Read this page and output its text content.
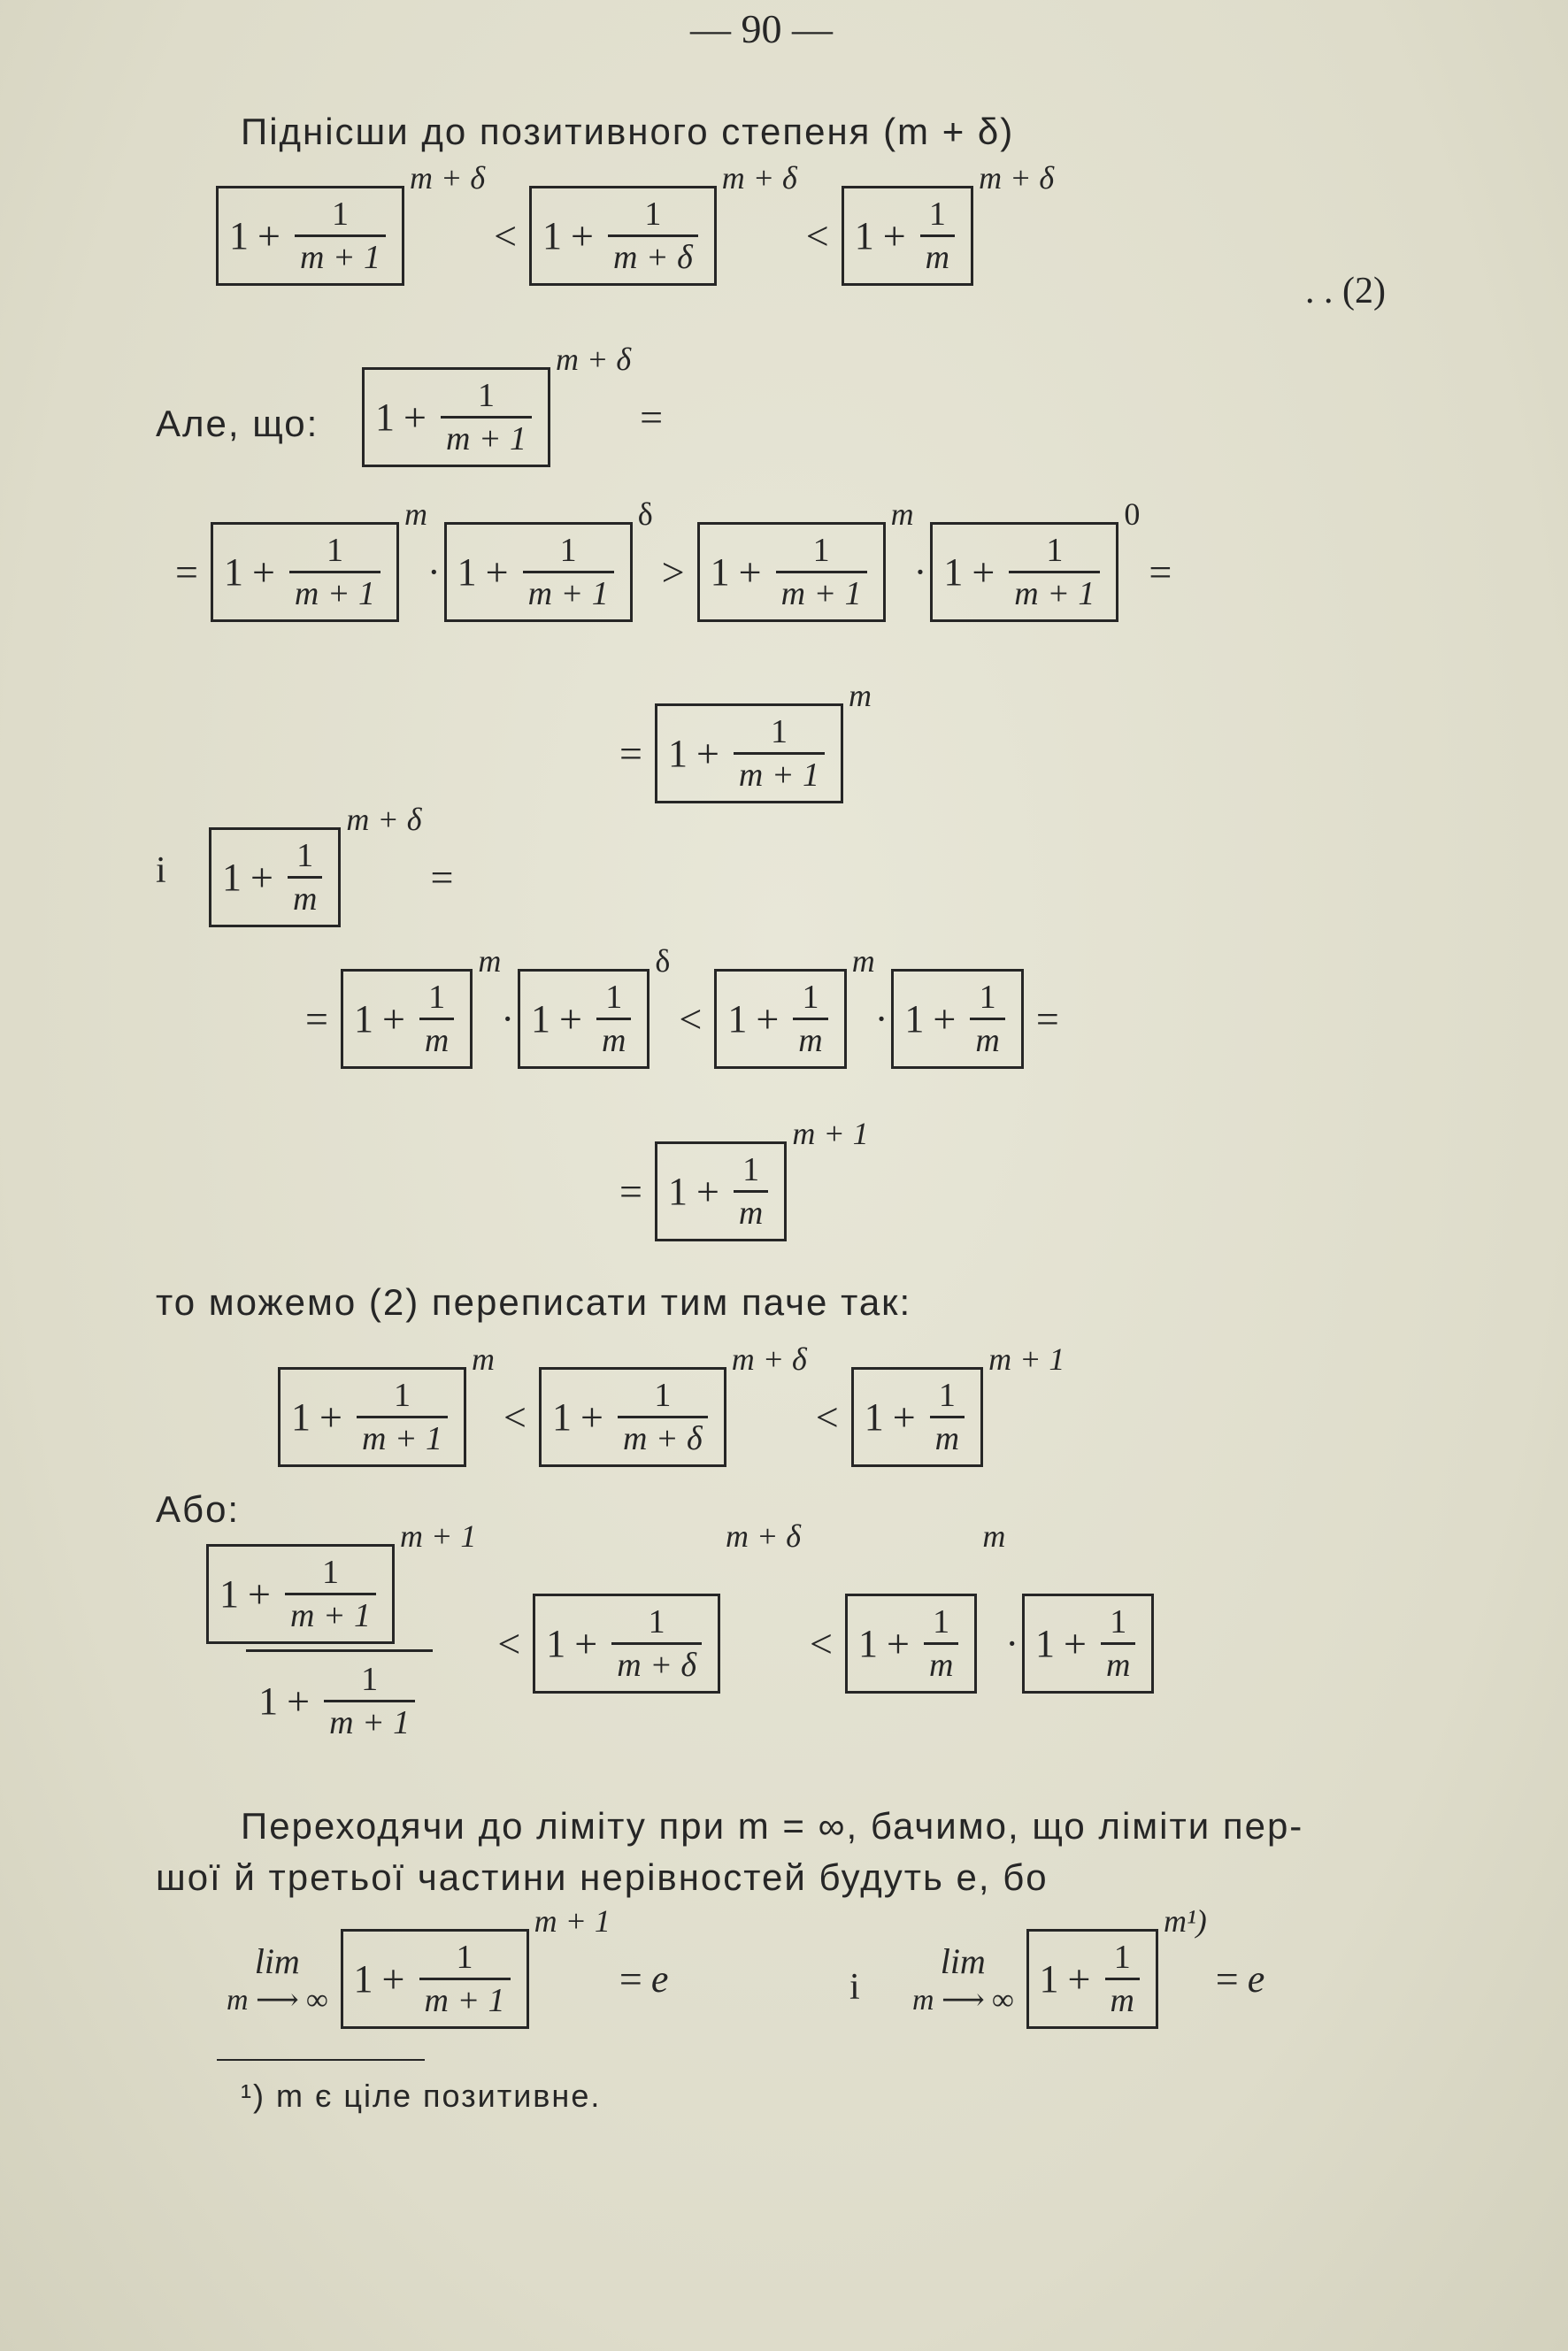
— 90 —
Піднісши до позитивного степеня (m + δ)
$1 + \frac{1}{m + 1}$
m + δ
< $1 + \frac{1}{m + \delta}$
m + δ
< $1 + \frac{1}{m}$
m + δ
. . (2)
Але, що: $1 + \frac{1}{m + 1}$
m + δ
=
= $1 + \frac{1}{m + 1}$
m
· $1 + \frac{1}{m + 1}$
δ
> $1 + \frac{1}{m + 1}$
m
· $1 + \frac{1}{m + 1}$
0
=
= $1 + \frac{1}{m + 1}$
m
і $1 + \frac{1}{m}$
m + δ
=
= $1 + \frac{1}{m}$
m
· $1 + \frac{1}{m}$
δ
< $1 + \frac{1}{m}$
m
· $1 + \frac{1}{m}$ =
= $1 + \frac{1}{m}$
m + 1
то можемо (2) переписати тим паче так:
$1 + \frac{1}{m + 1}$
m
< $1 + \frac{1}{m + \delta}$
m + δ
< $1 + \frac{1}{m}$
m + 1
Або:
$1 + \frac{1}{m + 1}$
m + 1
$1 + \frac{1}{m + 1}$
< $1 + \frac{1}{m + \delta}$
m + δ
< $1 + \frac{1}{m}$
m
· $1 + \frac{1}{m}$
Переходячи до ліміту при m = ∞, бачимо, що ліміти пер-
шої й третьої частини нерівностей будуть e, бо
lim
m ⟶ ∞ $1 + \frac{1}{m + 1}$
m + 1
= e	і
lim
m ⟶ ∞ $1 + \frac{1}{m}$
m¹)
= e
¹) m є ціле позитивне.
